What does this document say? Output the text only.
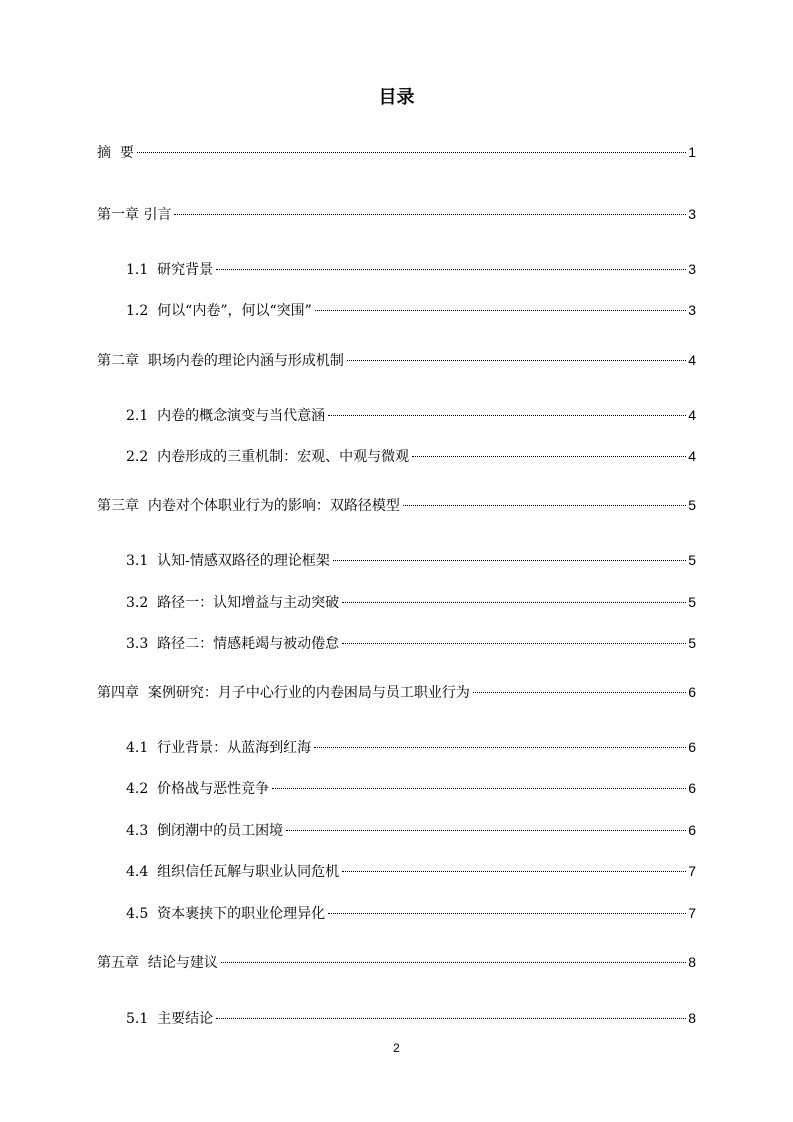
目录
摘  要	1
第一章 引言	3
1.1  研究背景	3
1.2  何以“内卷”，何以“突围”	3
第二章  职场内卷的理论内涵与形成机制	4
2.1  内卷的概念演变与当代意涵	4
2.2  内卷形成的三重机制：宏观、中观与微观	4
第三章  内卷对个体职业行为的影响：双路径模型	5
3.1  认知-情感双路径的理论框架	5
3.2  路径一：认知增益与主动突破	5
3.3  路径二：情感耗竭与被动倦怠	5
第四章  案例研究：月子中心行业的内卷困局与员工职业行为	6
4.1  行业背景：从蓝海到红海	6
4.2  价格战与恶性竞争	6
4.3  倒闭潮中的员工困境	6
4.4  组织信任瓦解与职业认同危机	7
4.5  资本裹挟下的职业伦理异化	7
第五章  结论与建议	8
5.1  主要结论	8
2
